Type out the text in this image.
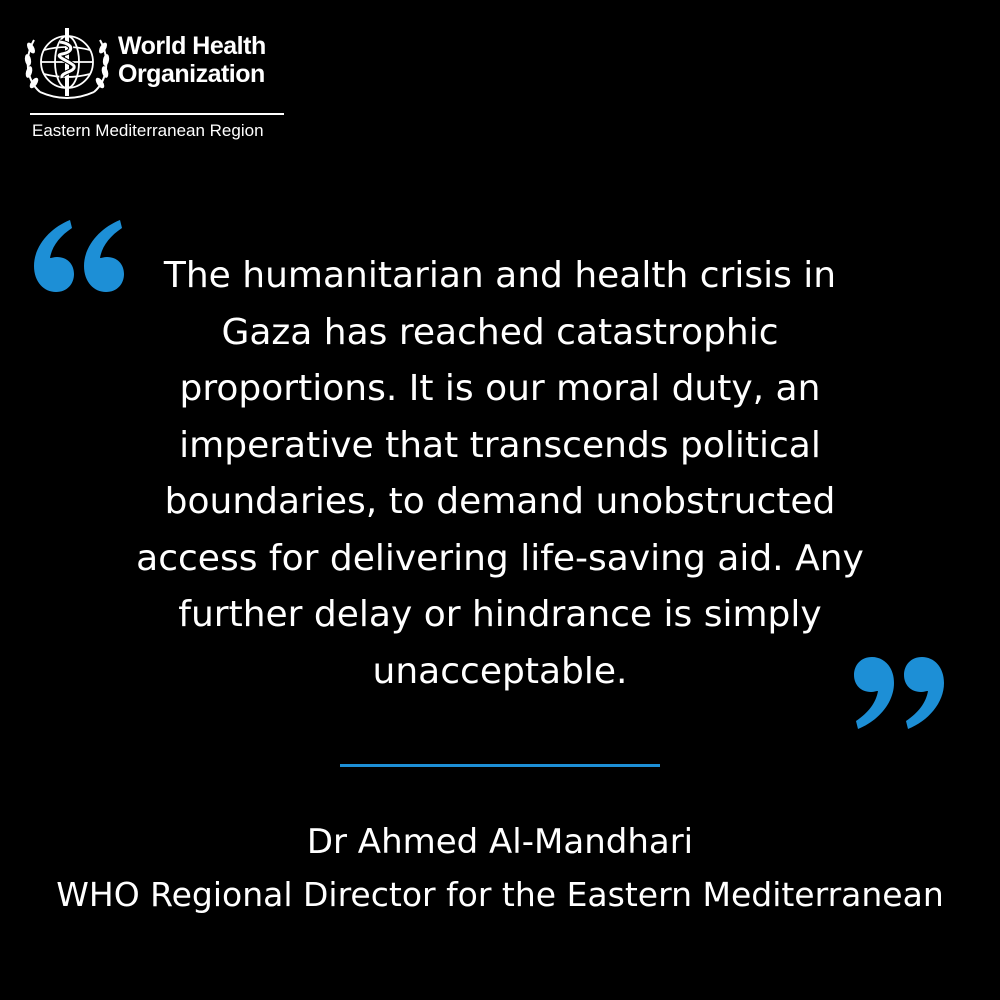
World Health
Organization
Eastern Mediterranean Region
The humanitarian and health crisis in
Gaza has reached catastrophic
proportions. It is our moral duty, an
imperative that transcends political
boundaries, to demand unobstructed
access for delivering life-saving aid. Any
further delay or hindrance is simply
unacceptable.
Dr Ahmed Al-Mandhari
WHO Regional Director for the Eastern Mediterranean
